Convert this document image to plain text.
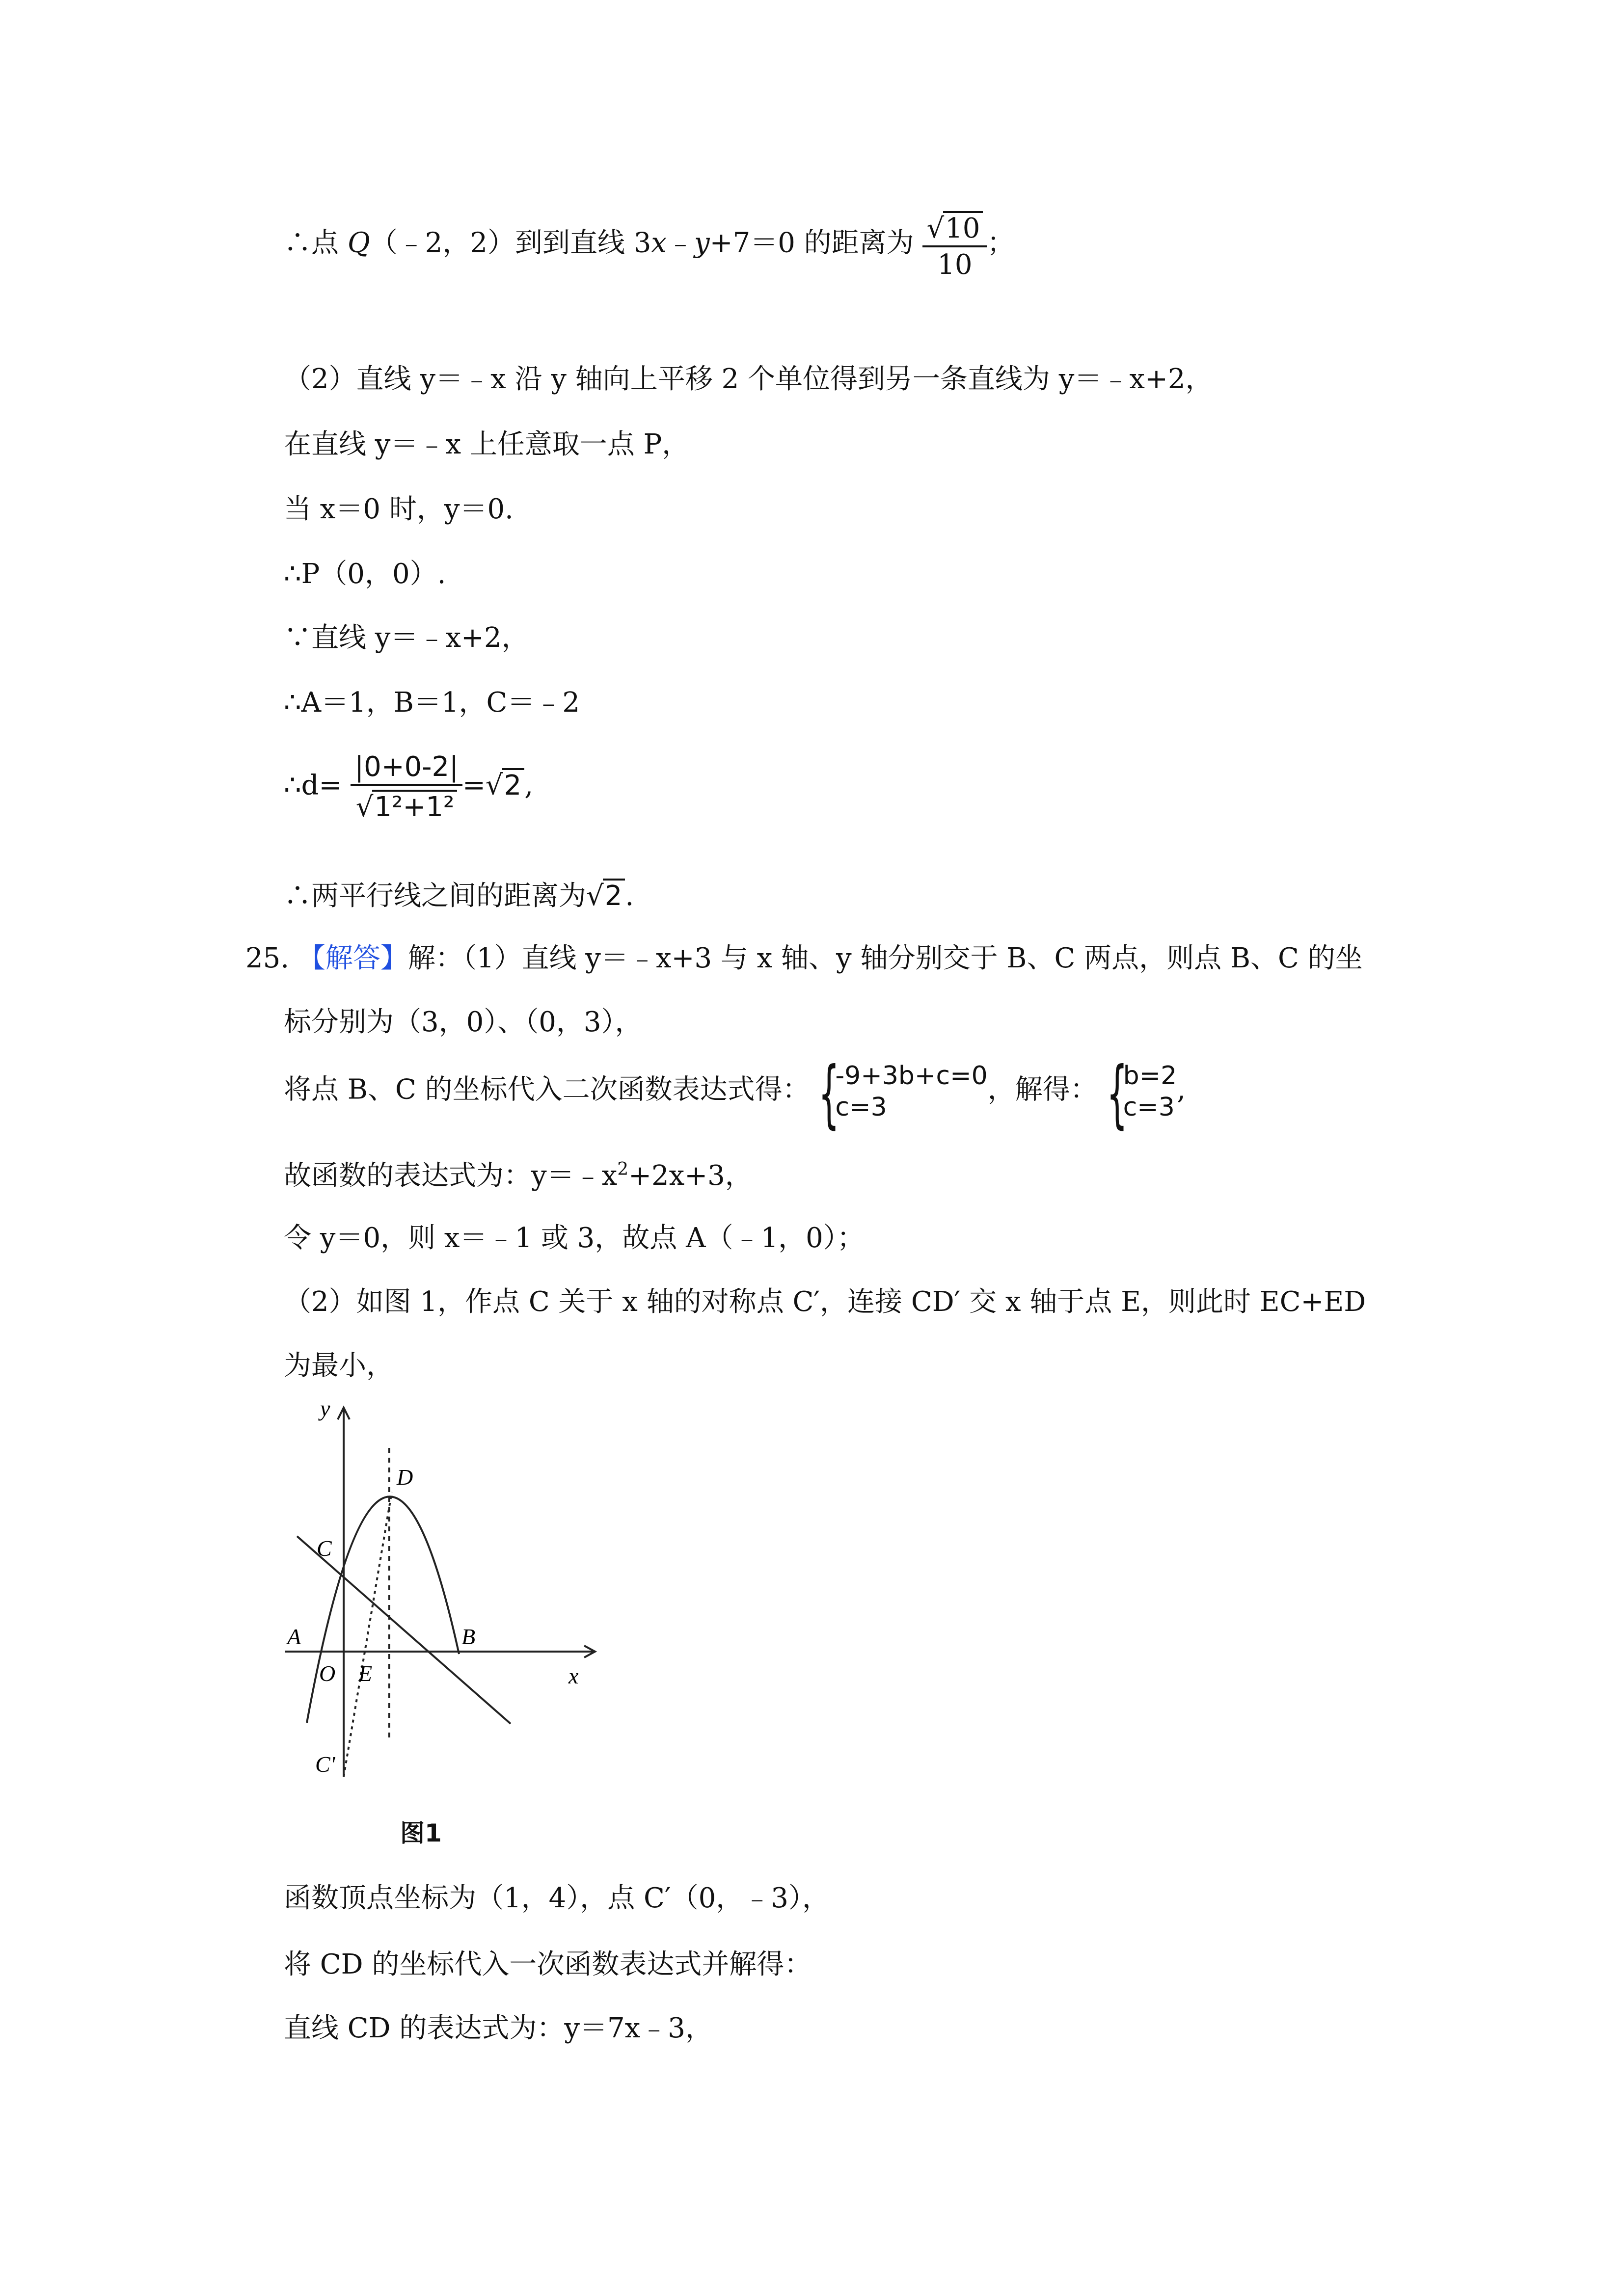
∴点 Q（﹣2，2）到到直线 3x﹣y+7＝0 的距离为 $\frac{√10}{10}$ ；
（2）直线 y＝﹣x 沿 y 轴向上平移 2 个单位得到另一条直线为 y＝﹣x+2，
在直线 y＝﹣x 上任意取一点 P，
当 x＝0 时，y＝0.
∴P（0，0）.
∵直线 y＝﹣x+2，
∴A＝1，B＝1，C＝﹣2
∴d= $\frac{|0+0-2|}{\text{√1²+1²}} =√2$ ,
∴两平行线之间的距离为√2 .
25. 【解答】解：（1）直线 y＝﹣x+3 与 x 轴、y 轴分别交于 B、C 两点，则点 B、C 的坐
标分别为（3，0）、（0，3），
将点 B、C 的坐标代入二次函数表达式得： {
-9+3b+c=0
c=3
，解得： {
b=2
c=3
,
故函数的表达式为：$y=﹣x^2+2x+3$，
令 y＝0，则 x＝﹣1 或 3，故点 A（﹣1，0）；
（2）如图 1，作点 C 关于 x 轴的对称点 C′，连接 CD′ 交 x 轴于点 E，则此时 EC+ED
为最小，
y
x
D
C
A	B
O E
C'
图1
函数顶点坐标为（1，4），点 C′（0，﹣3），
将 CD 的坐标代入一次函数表达式并解得：
直线 CD 的表达式为：y＝7x﹣3，
